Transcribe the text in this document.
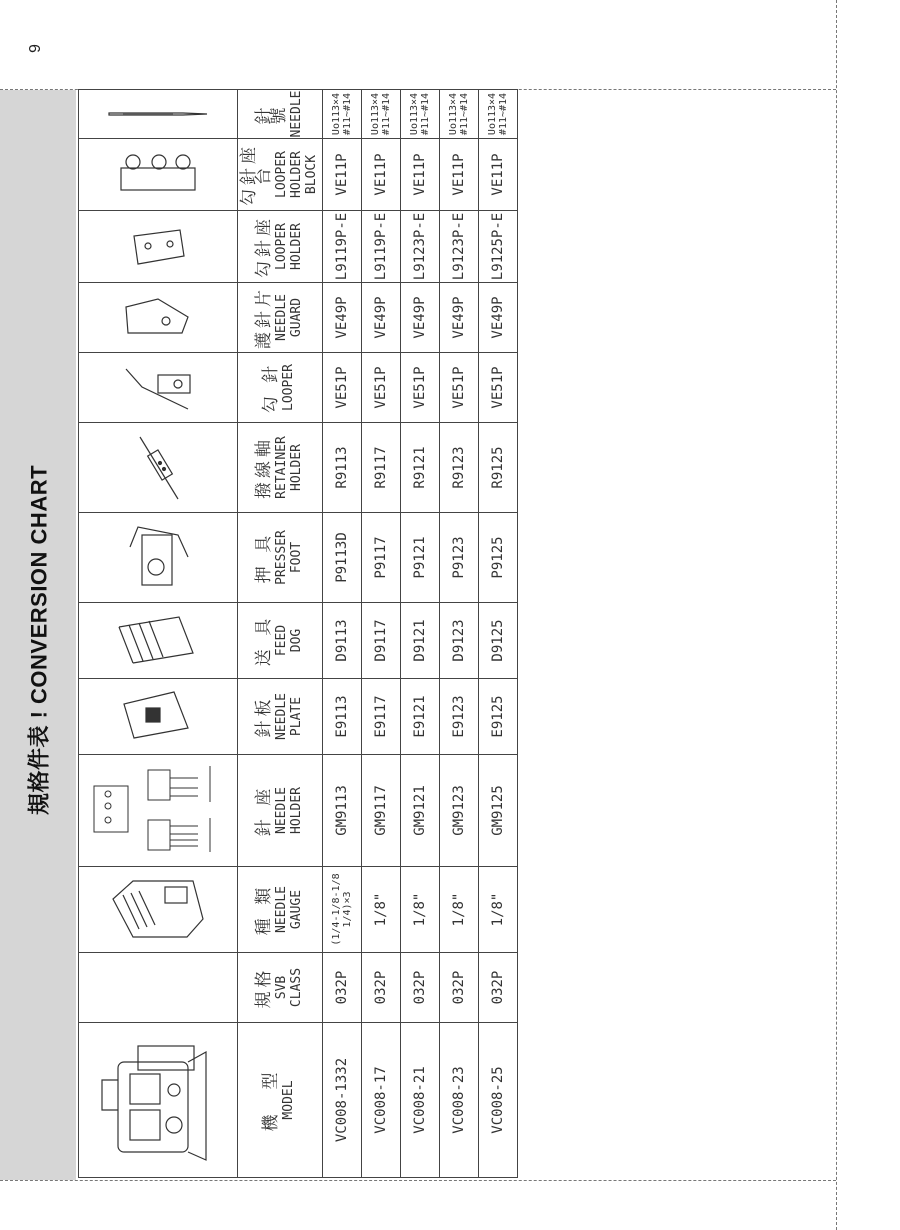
6
規格件表 ! CONVERSION CHART

機　型 MODEL	規格 SVB CLASS	種 類 NEEDLE GAUGE	針 座 NEEDLE HOLDER	針板 NEEDLE PLATE	送 具 FEED DOG	押 具 PRESSER FOOT	撥線軸 RETAINER HOLDER	勾 針 LOOPER	護針片 NEEDLE GUARD	勾針座 LOOPER HOLDER	勾針座台 LOOPER HOLDER BLOCK	針 號 NEEDLE

VC008-1332	032P	(1/4-1/8-1/8
1/4)×3	GM9113	E9113	D9113	P9113D	R9113	VE51P	VE49P	L9119P-E	VE11P	Uo113×4
#11~#14
VC008-17	032P	1/8"	GM9117	E9117	D9117	P9117	R9117	VE51P	VE49P	L9119P-E	VE11P	Uo113×4
#11~#14
VC008-21	032P	1/8"	GM9121	E9121	D9121	P9121	R9121	VE51P	VE49P	L9123P-E	VE11P	Uo113×4
#11~#14
VC008-23	032P	1/8"	GM9123	E9123	D9123	P9123	R9123	VE51P	VE49P	L9123P-E	VE11P	Uo113×4
#11~#14
VC008-25	032P	1/8"	GM9125	E9125	D9125	P9125	R9125	VE51P	VE49P	L9125P-E	VE11P	Uo113×4
#11~#14
